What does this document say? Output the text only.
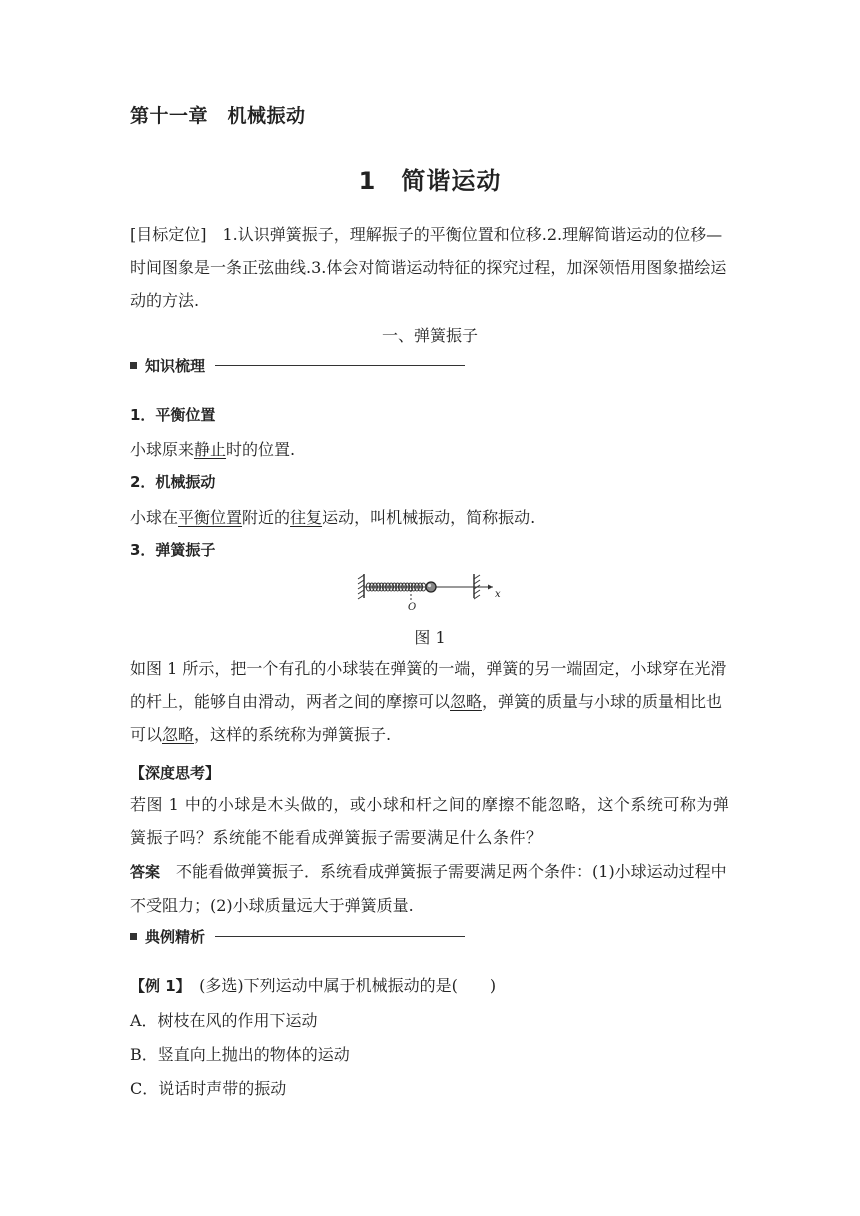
第十一章　机械振动
1　简谐运动
[目标定位]　1.认识弹簧振子，理解振子的平衡位置和位移.2.理解简谐运动的位移—时间图象是一条正弦曲线.3.体会对简谐运动特征的探究过程，加深领悟用图象描绘运动的方法.
一、弹簧振子
知识梳理
1．平衡位置
小球原来静止时的位置.
2．机械振动
小球在平衡位置附近的往复运动，叫机械振动，简称振动.
3．弹簧振子
O
x
图 1
如图 1 所示，把一个有孔的小球装在弹簧的一端，弹簧的另一端固定，小球穿在光滑的杆上，能够自由滑动，两者之间的摩擦可以忽略，弹簧的质量与小球的质量相比也可以忽略，这样的系统称为弹簧振子.
【深度思考】
若图 1 中的小球是木头做的，或小球和杆之间的摩擦不能忽略，这个系统可称为弹簧振子吗？系统能不能看成弹簧振子需要满足什么条件？
答案　不能看做弹簧振子．系统看成弹簧振子需要满足两个条件：(1)小球运动过程中不受阻力；(2)小球质量远大于弹簧质量.
典例精析
【例 1】　(多选)下列运动中属于机械振动的是(　　)
A．树枝在风的作用下运动
B．竖直向上抛出的物体的运动
C．说话时声带的振动
